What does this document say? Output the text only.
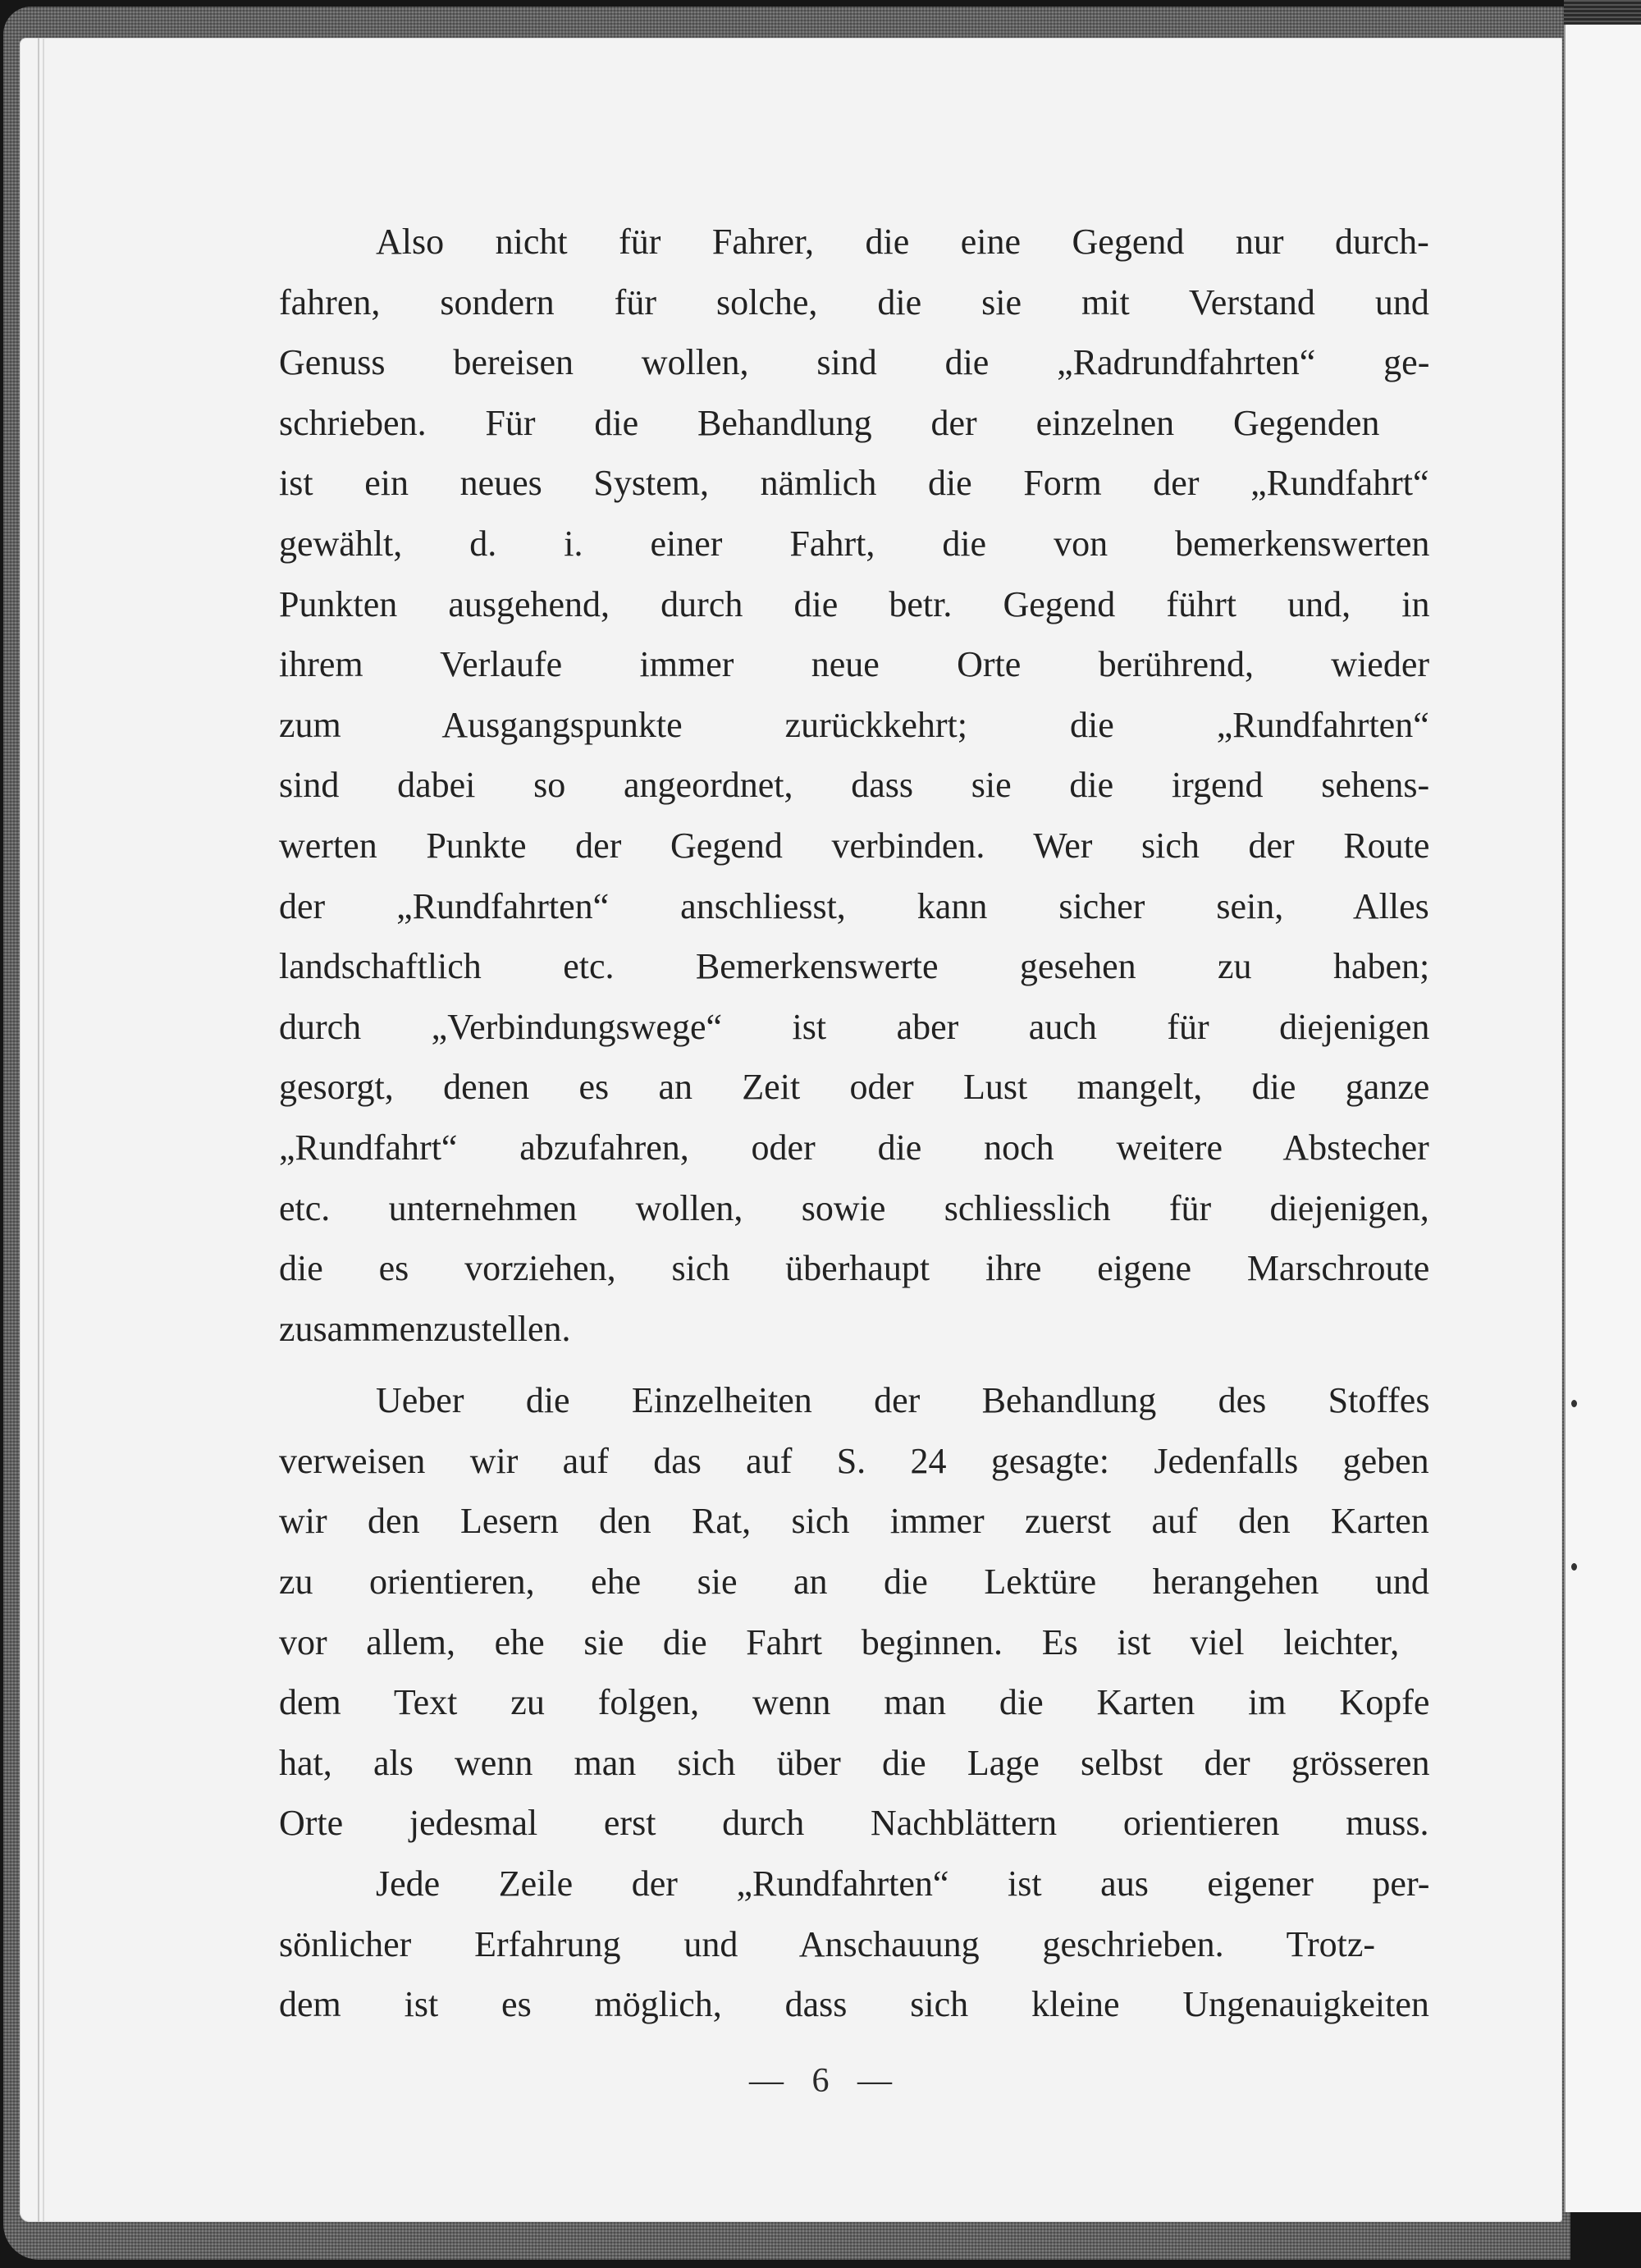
Also nicht für Fahrer, die eine Gegend nur durch-
fahren, sondern für solche, die sie mit Verstand und
Genuss bereisen wollen, sind die „Radrundfahrten“ ge-
schrieben. Für die Behandlung der einzelnen Gegenden
ist ein neues System, nämlich die Form der „Rundfahrt“
gewählt, d. i. einer Fahrt, die von bemerkenswerten
Punkten ausgehend, durch die betr. Gegend führt und, in
ihrem Verlaufe immer neue Orte berührend, wieder
zum Ausgangspunkte zurückkehrt; die „Rundfahrten“
sind dabei so angeordnet, dass sie die irgend sehens-
werten Punkte der Gegend verbinden. Wer sich der Route
der „Rundfahrten“ anschliesst, kann sicher sein, Alles
landschaftlich etc. Bemerkenswerte gesehen zu haben;
durch „Verbindungswege“ ist aber auch für diejenigen
gesorgt, denen es an Zeit oder Lust mangelt, die ganze
„Rundfahrt“ abzufahren, oder die noch weitere Abstecher
etc. unternehmen wollen, sowie schliesslich für diejenigen,
die es vorziehen, sich überhaupt ihre eigene Marschroute
zusammenzustellen.
Ueber die Einzelheiten der Behandlung des Stoffes
verweisen wir auf das auf S. 24 gesagte: Jedenfalls geben
wir den Lesern den Rat, sich immer zuerst auf den Karten
zu orientieren, ehe sie an die Lektüre herangehen und
vor allem, ehe sie die Fahrt beginnen. Es ist viel leichter,
dem Text zu folgen, wenn man die Karten im Kopfe
hat, als wenn man sich über die Lage selbst der grösseren
Orte jedesmal erst durch Nachblättern orientieren muss.
Jede Zeile der „Rundfahrten“ ist aus eigener per-
sönlicher Erfahrung und Anschauung geschrieben. Trotz-
dem ist es möglich, dass sich kleine Ungenauigkeiten
— 6 —
